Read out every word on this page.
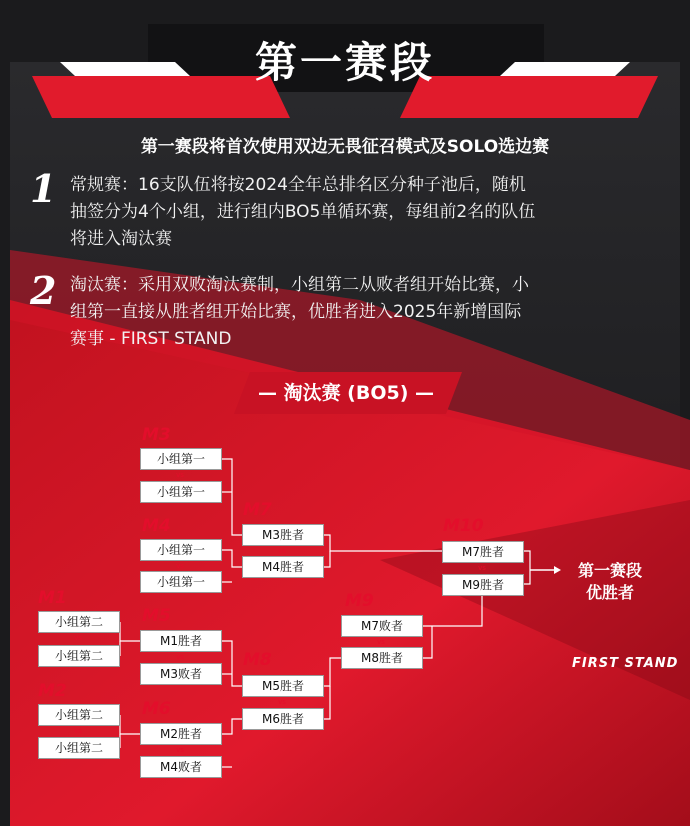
第一赛段
第一赛段将首次使用双边无畏征召模式及SOLO选边赛
1 常规赛：16支队伍将按2024全年总排名区分种子池后，随机
抽签分为4个小组，进行组内BO5单循环赛，每组前2名的队伍
将进入淘汰赛
2 淘汰赛：采用双败淘汰赛制，小组第二从败者组开始比赛，小
组第一直接从胜者组开始比赛，优胜者进入2025年新增国际
赛事 - FIRST STAND
— 淘汰赛 (BO5) —
M3
M4
M7
M10
M1
M5
M9
M8
M2
M6
小组第一
vs
小组第一
小组第一
vs
小组第一
M3胜者
vs
M4胜者
M7胜者
vs
M9胜者
小组第二
vs
小组第二
M1胜者
vs
M3败者
M7败者
vs
M8胜者
M5胜者
vs
M6胜者
小组第二
vs
小组第二
M2胜者
vs
M4败者
第一赛段
优胜者
FIRST STAND
